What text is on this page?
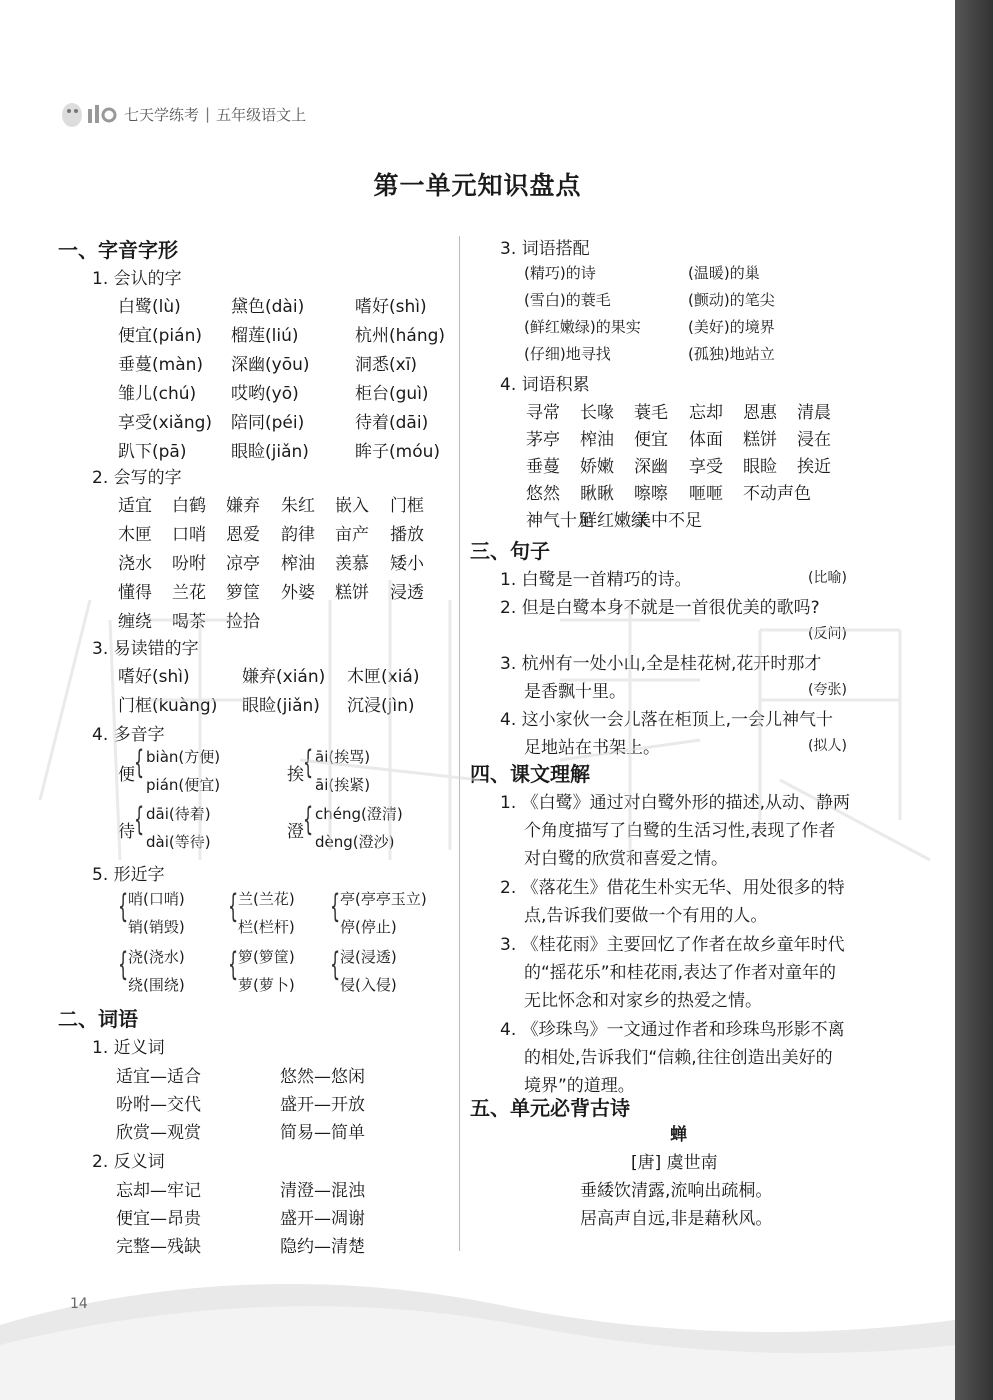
七天学练考 | 五年级语文上
第一单元知识盘点
一、字音字形
1. 会认的字
白鹭(lù)	黛色(dài)	嗜好(shì)
便宜(pián) 榴莲(liú)	杭州(háng)
垂蔓(màn) 深幽(yōu)	洞悉(xī)
雏儿(chú) 哎哟(yō)	柜台(guì)
享受(xiǎng) 陪同(péi)	待着(dāi)
趴下(pā)	眼睑(jiǎn)	眸子(móu)
2. 会写的字
适宜 白鹤 嫌弃 朱红 嵌入 门框
木匣 口哨 恩爱 韵律 亩产 播放
浇水 吩咐 凉亭 榨油 羡慕 矮小
懂得 兰花 箩筐 外婆 糕饼 浸透
缠绕 喝茶 捡拾
3. 易读错的字
嗜好(shì)	嫌弃(xián) 木匣(xiá)
门框(kuàng) 眼睑(jiǎn) 沉浸(jìn)
4. 多音字
便 { biàn(方便)
pián(便宜)	挨 { āi(挨骂)
āi(挨紧)
待 { dāi(待着)
dài(等待)	澄 { chéng(澄清)
dèng(澄沙)
5. 形近字
{ 哨(口哨)
销(销毁)
{ 兰(兰花)
栏(栏杆)
{ 亭(亭亭玉立)
停(停止)
{ 浇(浇水)
绕(围绕)
{ 箩(箩筐)
萝(萝卜)
{ 浸(浸透)
侵(入侵)
二、词语
1. 近义词
适宜—适合	悠然—悠闲
吩咐—交代	盛开—开放
欣赏—观赏	简易—简单
2. 反义词
忘却—牢记	清澄—混浊
便宜—昂贵	盛开—凋谢
完整—残缺	隐约—清楚
3. 词语搭配
(精巧)的诗	(温暖)的巢
(雪白)的蓑毛	(颤动)的笔尖
(鲜红嫩绿)的果实	(美好)的境界
(仔细)地寻找	(孤独)地站立
4. 词语积累
寻常 长喙 蓑毛 忘却 恩惠 清晨
茅亭 榨油 便宜 体面 糕饼 浸在
垂蔓 娇嫩 深幽 享受 眼睑 挨近
悠然 瞅瞅 嚓嚓 咂咂 不动声色
神气十足
鲜红嫩绿
美中不足
三、句子
1. 白鹭是一首精巧的诗。	(比喻)
2. 但是白鹭本身不就是一首很优美的歌吗?
(反问)
3. 杭州有一处小山,全是桂花树,花开时那才
是香飘十里。	(夸张)
4. 这小家伙一会儿落在柜顶上,一会儿神气十
足地站在书架上。	(拟人)
四、课文理解
1. 《白鹭》通过对白鹭外形的描述,从动、静两
个角度描写了白鹭的生活习性,表现了作者
对白鹭的欣赏和喜爱之情。
2. 《落花生》借花生朴实无华、用处很多的特
点,告诉我们要做一个有用的人。
3. 《桂花雨》主要回忆了作者在故乡童年时代
的“摇花乐”和桂花雨,表达了作者对童年的
无比怀念和对家乡的热爱之情。
4. 《珍珠鸟》一文通过作者和珍珠鸟形影不离
的相处,告诉我们“信赖,往往创造出美好的
境界”的道理。
五、单元必背古诗
蝉
[唐] 虞世南
垂緌饮清露,流响出疏桐。
居高声自远,非是藉秋风。
14
